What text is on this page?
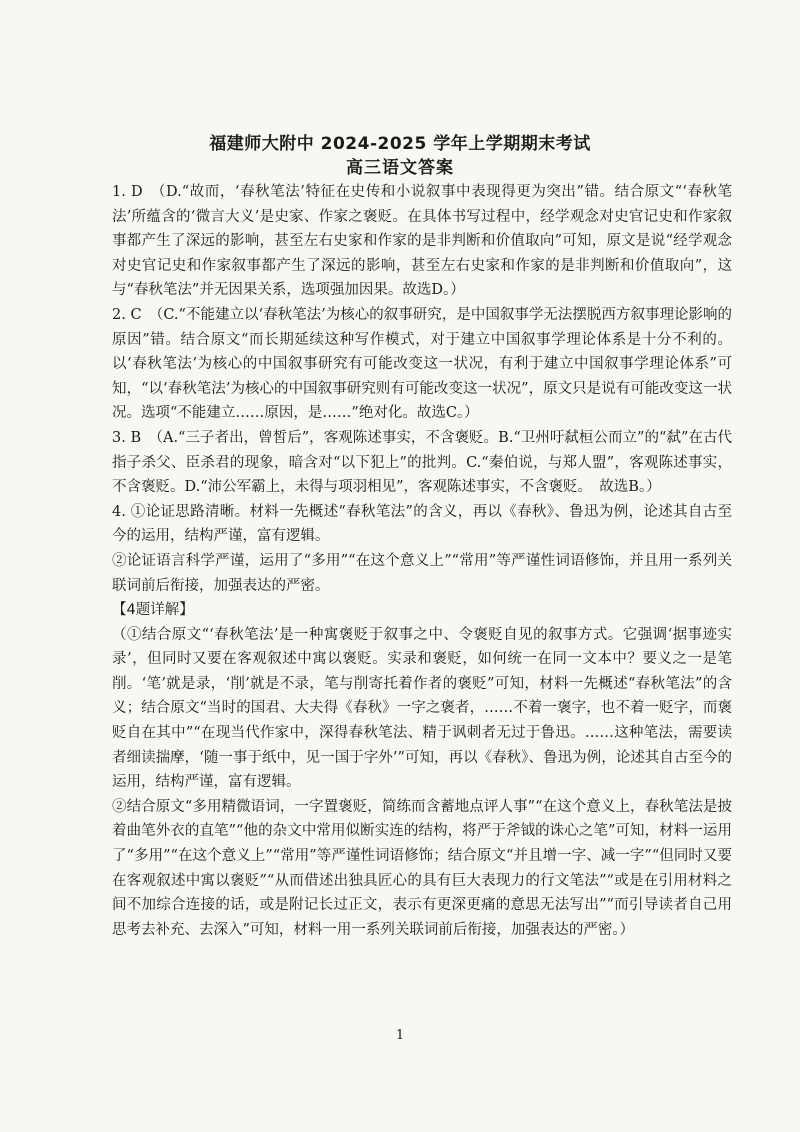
福建师大附中 2024-2025 学年上学期期末考试
高三语文答案

1. D　（D.“故而，‘春秋笔法’特征在史传和小说叙事中表现得更为突出”错。结合原文“‘春秋笔法’所蕴含的‘微言大义’是史家、作家之褒贬。在具体书写过程中，经学观念对史官记史和作家叙事都产生了深远的影响，甚至左右史家和作家的是非判断和价值取向”可知，原文是说“经学观念对史官记史和作家叙事都产生了深远的影响，甚至左右史家和作家的是非判断和价值取向”，这与“春秋笔法”并无因果关系，选项强加因果。故选D。）

2. C　（C.“不能建立以‘春秋笔法’为核心的叙事研究，是中国叙事学无法摆脱西方叙事理论影响的原因”错。结合原文“而长期延续这种写作模式，对于建立中国叙事学理论体系是十分不利的。以‘春秋笔法’为核心的中国叙事研究有可能改变这一状况，有利于建立中国叙事学理论体系”可知，“以‘春秋笔法’为核心的中国叙事研究则有可能改变这一状况”，原文只是说有可能改变这一状况。选项“不能建立……原因，是……”绝对化。故选C。）

3. B　（A.“三子者出，曾皙后”，客观陈述事实，不含褒贬。B.“卫州吁弑桓公而立”的“弑”在古代指子杀父、臣杀君的现象，暗含对“以下犯上”的批判。C.“秦伯说，与郑人盟”，客观陈述事实，不含褒贬。D.“沛公军霸上，未得与项羽相见”，客观陈述事实，不含褒贬。　故选B。）

4. ①论证思路清晰。材料一先概述“春秋笔法”的含义，再以《春秋》、鲁迅为例，论述其自古至今的运用，结构严谨，富有逻辑。
②论证语言科学严谨，运用了“多用”“在这个意义上”“常用”等严谨性词语修饰，并且用一系列关联词前后衔接，加强表达的严密。

【4题详解】

（①结合原文“‘春秋笔法’是一种寓褒贬于叙事之中、令褒贬自见的叙事方式。它强调‘据事迹实录’，但同时又要在客观叙述中寓以褒贬。实录和褒贬，如何统一在同一文本中？要义之一是笔削。‘笔’就是录，‘削’就是不录，笔与削寄托着作者的褒贬”可知，材料一先概述“春秋笔法”的含义；结合原文“当时的国君、大夫得《春秋》一字之褒者，……不着一褒字，也不着一贬字，而褒贬自在其中”“在现当代作家中，深得春秋笔法、精于讽刺者无过于鲁迅。……这种笔法，需要读者细读揣摩，‘随一事于纸中，见一国于字外’”可知，再以《春秋》、鲁迅为例，论述其自古至今的运用，结构严谨，富有逻辑。
②结合原文“多用精微语词，一字置褒贬，简练而含蓄地点评人事”“在这个意义上，春秋笔法是披着曲笔外衣的直笔”“他的杂文中常用似断实连的结构，将严于斧钺的诛心之笔”可知，材料一运用了“多用”“在这个意义上”“常用”等严谨性词语修饰；结合原文“并且增一字、减一字”“但同时又要在客观叙述中寓以褒贬”“从而借述出独具匠心的具有巨大表现力的行文笔法”“或是在引用材料之间不加综合连接的话，或是附记长过正文，表示有更深更痛的意思无法写出”“而引导读者自己用思考去补充、去深入”可知，材料一用一系列关联词前后衔接，加强表达的严密。）

1
